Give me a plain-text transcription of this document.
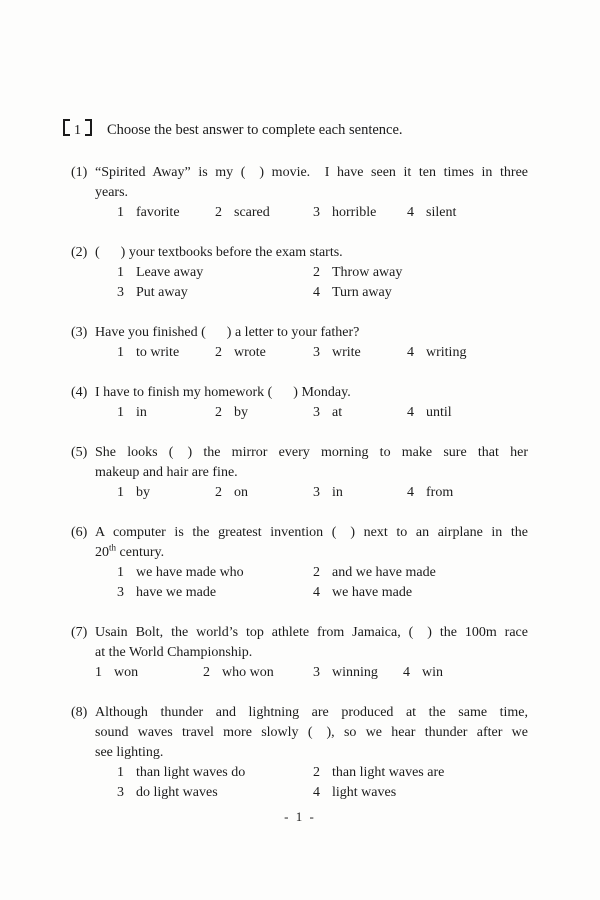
1 Choose the best answer to complete each sentence.
(1) “Spirited Away” is my (  ) movie.  I have seen it ten times in three
years.
1 favorite	2 scared	3 horrible	4 silent
(2) (   ) your textbooks before the exam starts.
1 Leave away	2 Throw away
3 Put away	4 Turn away
(3) Have you finished (   ) a letter to your father?
1 to write	2 wrote	3 write	4 writing
(4) I have to finish my homework (   ) Monday.
1 in	2 by	3 at	4 until
(5) She looks (  ) the mirror every morning to make sure that her
makeup and hair are fine.
1 by	2 on	3 in	4 from
(6) A computer is the greatest invention (  ) next to an airplane in the
20th century.
1 we have made who	2 and we have made
3 have we made	4 we have made
(7) Usain Bolt, the world’s top athlete from Jamaica, (  ) the 100m race
at the World Championship.
1 won	2 who won	3 winning	4 win
(8) Although thunder and lightning are produced at the same time,
sound waves travel more slowly (  ), so we hear thunder after we
see lighting.
1 than light waves do	2 than light waves are
3 do light waves	4 light waves
- 1 -
